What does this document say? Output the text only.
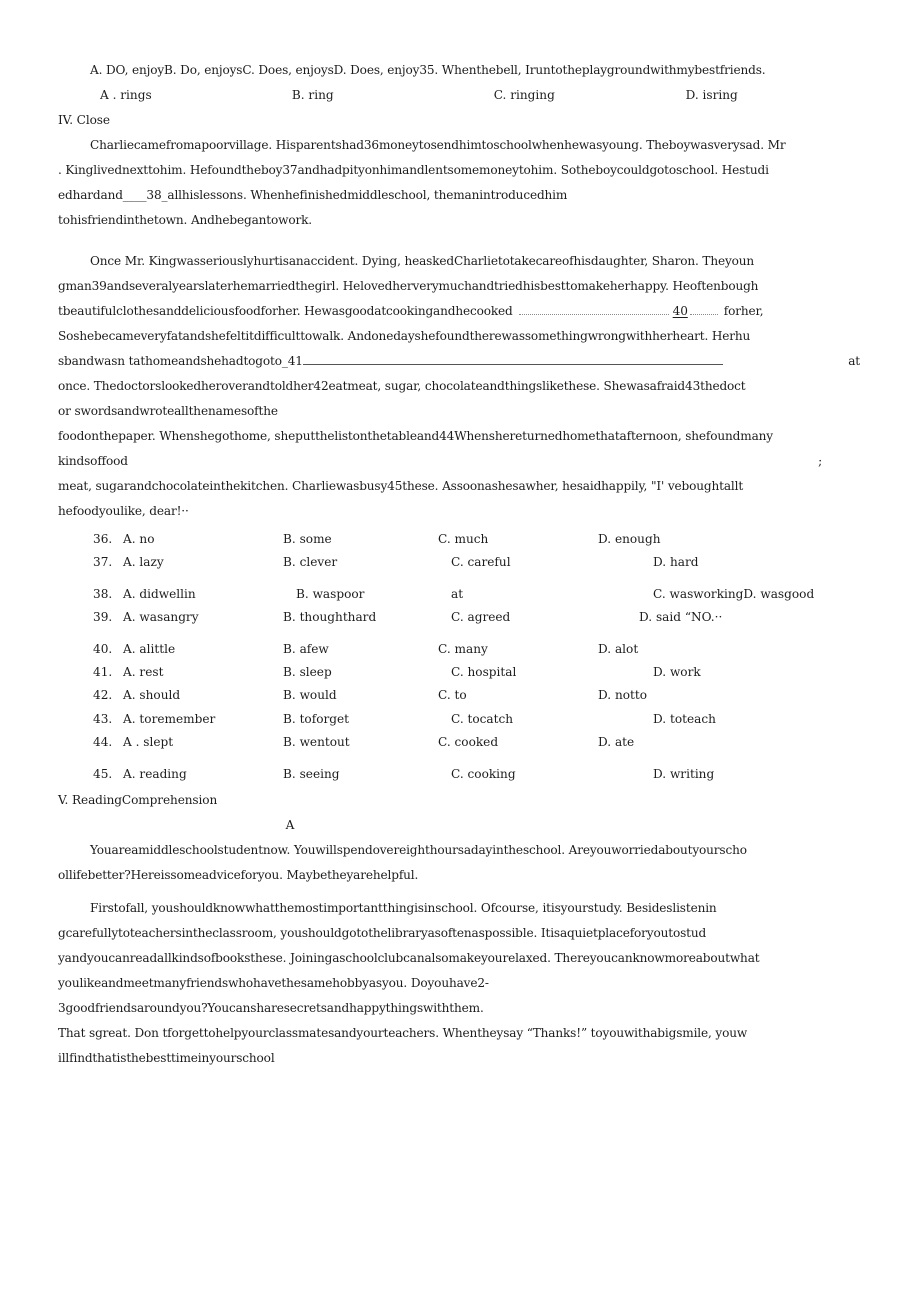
A. DO, enjoyB. Do, enjoysC. Does, enjoysD. Does, enjoy35. Whenthebell, Iruntotheplaygroundwithmybestfriends.
A . rings	B. ring	C. ringing	D. isring
IV. Close
Charliecamefromapoorvillage. Hisparentshad36moneytosendhimtoschoolwhenhewasyoung. Theboywasverysad. Mr
. Kinglivednexttohim. Hefoundtheboy37andhadpityonhimandlentsomemoneytohim. Sotheboycouldgotoschool. Hestudi
edhardand____38_allhislessons. Whenhefinishedmiddleschool, themanintroducedhim
tohisfriendinthetown. Andhebegantowork.
Once Mr. Kingwasseriouslyhurtisanaccident. Dying, heaskedCharlietotakecareofhisdaughter, Sharon. Theyoun
gman39andseveralyearslaterhemarriedthegirl. Helovedherverymuchandtriedhisbesttomakeherhappy. Heoftenbough
tbeautifulclothesanddeliciousfoodforher. Hewasgoodatcookingandhecooked	40	forher,
Soshebecameveryfatandshefeltitdifficulttowalk. Andonedayshefoundtherewassomethingwrongwithherheart. Herhu
at
sbandwasn tathomeandshehadtogoto_41
once. Thedoctorslookedheroverandtoldher42eatmeat, sugar, chocolateandthingslikethese. Shewasafraid43thedoct
or swordsandwroteallthenamesofthe
foodonthepaper. Whenshegothome, sheputthelistonthetableand44Whenshereturnedhomethatafternoon, shefoundmany
;
kindsoffood
meat, sugarandchocolateinthekitchen. Charliewasbusy45these. Assoonashesawher, hesaidhappily, "I' veboughtallt
hefoodyoulike, dear!··
36. A. no	B. some	C. much	D. enough
37. A. lazy	B. clever	C. careful	D. hard
38. A. didwellin	B. waspoor	at	C. wasworkingD. wasgood
39. A. wasangry	B. thoughthard	C. agreed	D. said “NO.··
40. A. alittle	B. afew	C. many	D. alot
41. A. rest	B. sleep	C. hospital	D. work
42. A. should	B. would	C. to	D. notto
43. A. toremember	B. toforget	C. tocatch	D. toteach
44. A . slept	B. wentout	C. cooked	D. ate
45. A. reading	B. seeing	C. cooking	D. writing
V. ReadingComprehension
A
Youareamiddleschoolstudentnow. Youwillspendovereighthoursadayintheschool. Areyouworriedaboutyourscho
ollifebetter?Hereissomeadviceforyou. Maybetheyarehelpful.
Firstofall, youshouldknowwhatthemostimportantthingisinschool. Ofcourse, itisyourstudy. Besideslistenin
gcarefullytoteachersintheclassroom, youshouldgotothelibraryasoftenaspossible. Itisaquietplaceforyoutostud
yandyoucanreadallkindsofbooksthese. Joiningaschoolclubcanalsomakeyourelaxed. Thereyoucanknowmoreaboutwhat
youlikeandmeetmanyfriendswhohavethesamehobbyasyou. Doyouhave2-
3goodfriendsaroundyou?Youcansharesecretsandhappythingswiththem.
That sgreat. Don tforgettohelpyourclassmatesandyourteachers. Whentheysay “Thanks!” toyouwithabigsmile, youw
illfindthatisthebesttimeinyourschool
